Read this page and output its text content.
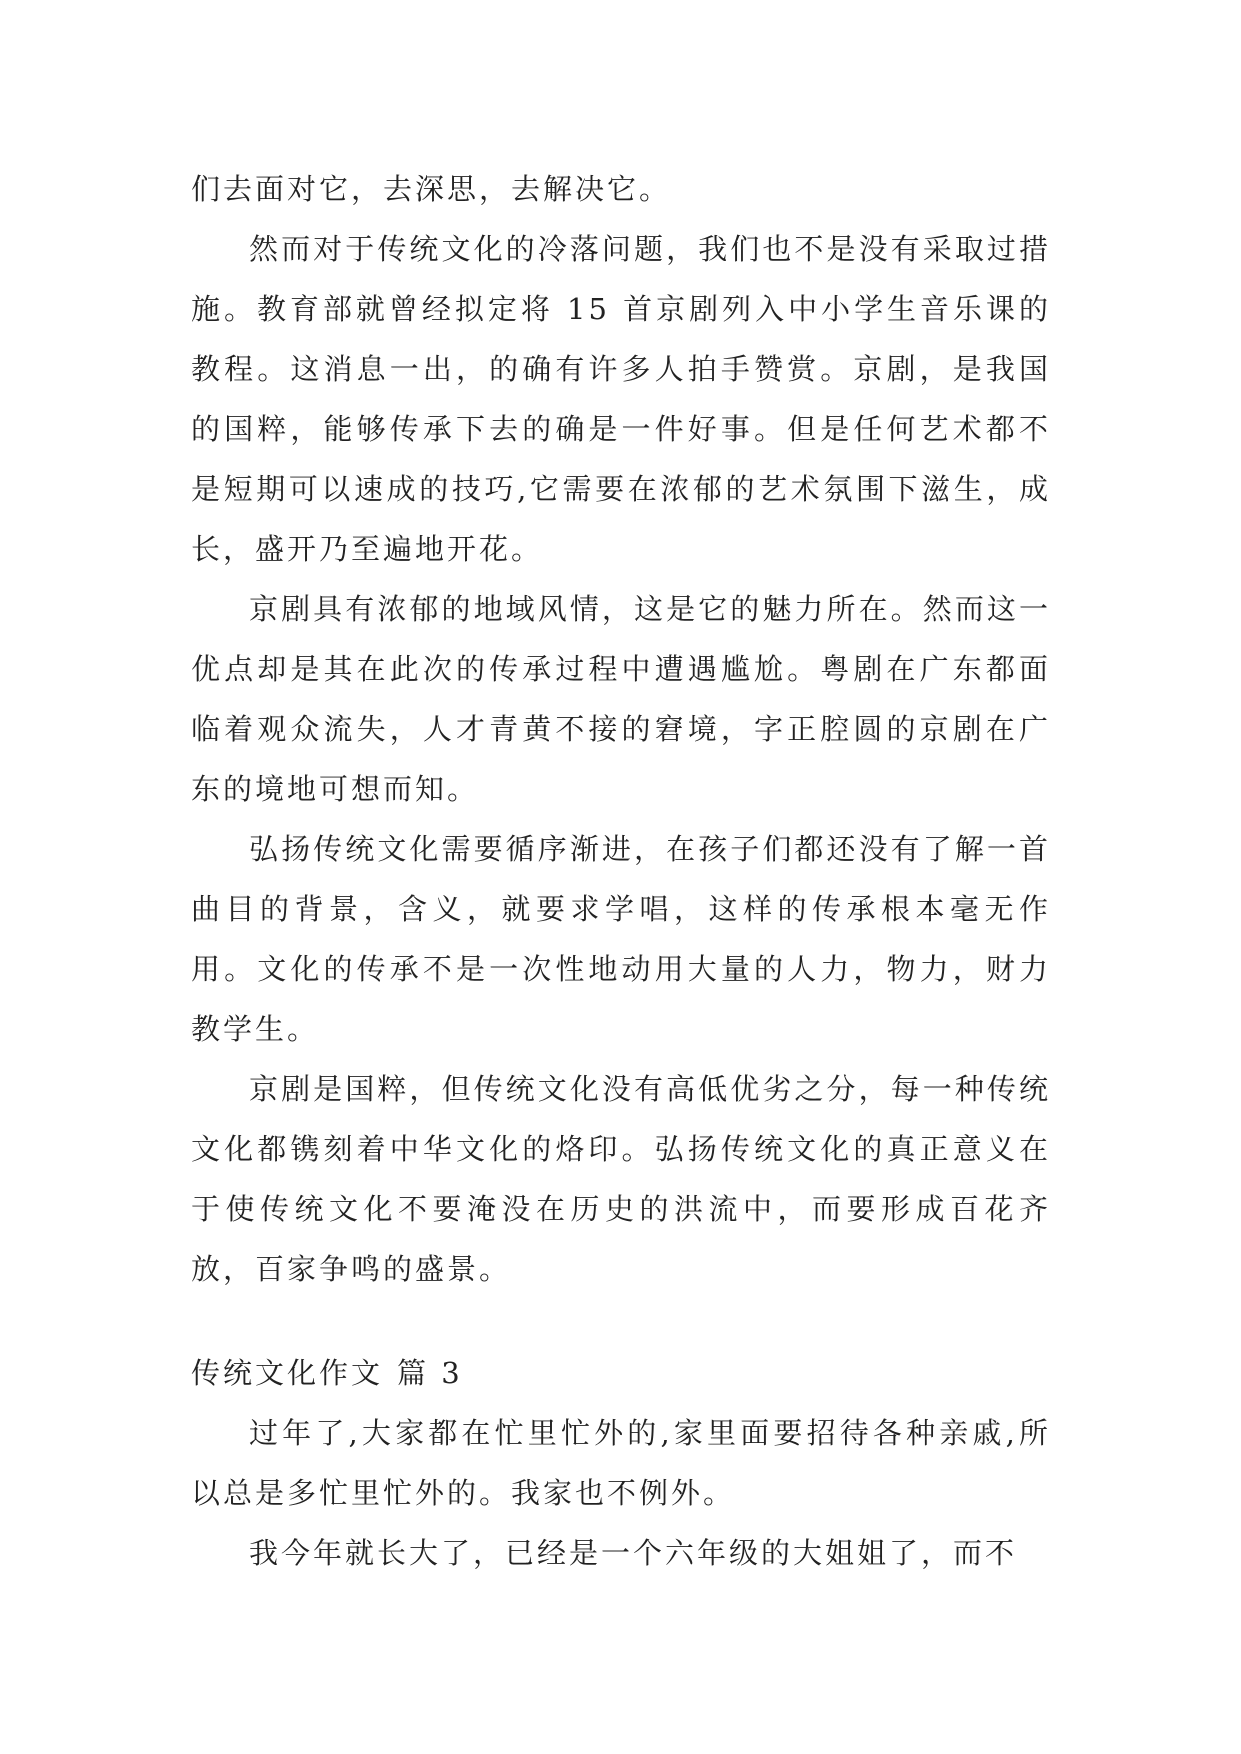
们去面对它，去深思，去解决它。

然而对于传统文化的冷落问题，我们也不是没有采取过措施。教育部就曾经拟定将 15 首京剧列入中小学生音乐课的教程。这消息一出，的确有许多人拍手赞赏。京剧，是我国的国粹，能够传承下去的确是一件好事。但是任何艺术都不是短期可以速成的技巧,它需要在浓郁的艺术氛围下滋生，成长，盛开乃至遍地开花。

京剧具有浓郁的地域风情，这是它的魅力所在。然而这一优点却是其在此次的传承过程中遭遇尴尬。粤剧在广东都面临着观众流失，人才青黄不接的窘境，字正腔圆的京剧在广东的境地可想而知。

弘扬传统文化需要循序渐进，在孩子们都还没有了解一首曲目的背景，含义，就要求学唱，这样的传承根本毫无作用。文化的传承不是一次性地动用大量的人力，物力，财力教学生。

京剧是国粹，但传统文化没有高低优劣之分，每一种传统文化都镌刻着中华文化的烙印。弘扬传统文化的真正意义在于使传统文化不要淹没在历史的洪流中，而要形成百花齐放，百家争鸣的盛景。

传统文化作文 篇 3

过年了,大家都在忙里忙外的,家里面要招待各种亲戚,所以总是多忙里忙外的。我家也不例外。

我今年就长大了，已经是一个六年级的大姐姐了，而不
